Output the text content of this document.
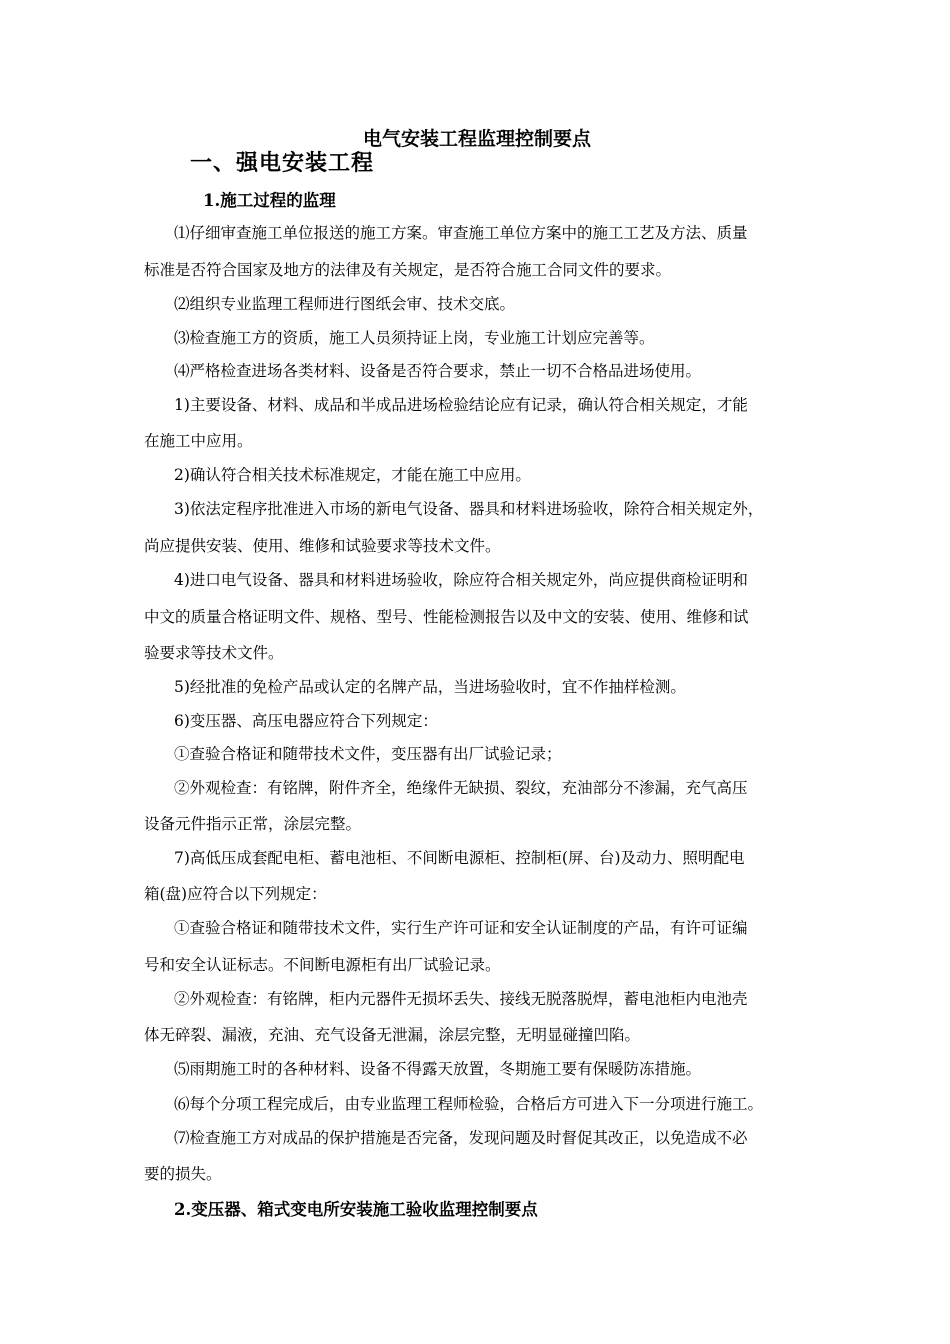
电气安装工程监理控制要点
一、强电安装工程
1.施工过程的监理
⑴仔细审查施工单位报送的施工方案。审查施工单位方案中的施工工艺及方法、质量
标准是否符合国家及地方的法律及有关规定，是否符合施工合同文件的要求。
⑵组织专业监理工程师进行图纸会审、技术交底。
⑶检查施工方的资质，施工人员须持证上岗，专业施工计划应完善等。
⑷严格检查进场各类材料、设备是否符合要求，禁止一切不合格品进场使用。
1)主要设备、材料、成品和半成品进场检验结论应有记录，确认符合相关规定，才能
在施工中应用。
2)确认符合相关技术标准规定，才能在施工中应用。
3)依法定程序批准进入市场的新电气设备、器具和材料进场验收，除符合相关规定外，
尚应提供安装、使用、维修和试验要求等技术文件。
4)进口电气设备、器具和材料进场验收，除应符合相关规定外，尚应提供商检证明和
中文的质量合格证明文件、规格、型号、性能检测报告以及中文的安装、使用、维修和试
验要求等技术文件。
5)经批准的免检产品或认定的名牌产品，当进场验收时，宜不作抽样检测。
6)变压器、高压电器应符合下列规定：
①查验合格证和随带技术文件，变压器有出厂试验记录；
②外观检查：有铭牌，附件齐全，绝缘件无缺损、裂纹，充油部分不渗漏，充气高压
设备元件指示正常，涂层完整。
7)高低压成套配电柜、蓄电池柜、不间断电源柜、控制柜(屏、台)及动力、照明配电
箱(盘)应符合以下列规定：
①查验合格证和随带技术文件，实行生产许可证和安全认证制度的产品，有许可证编
号和安全认证标志。不间断电源柜有出厂试验记录。
②外观检查：有铭牌，柜内元器件无损坏丢失、接线无脱落脱焊，蓄电池柜内电池壳
体无碎裂、漏液，充油、充气设备无泄漏，涂层完整，无明显碰撞凹陷。
⑸雨期施工时的各种材料、设备不得露天放置，冬期施工要有保暖防冻措施。
⑹每个分项工程完成后，由专业监理工程师检验，合格后方可进入下一分项进行施工。
⑺检查施工方对成品的保护措施是否完备，发现问题及时督促其改正，以免造成不必
要的损失。
2.变压器、箱式变电所安装施工验收监理控制要点
